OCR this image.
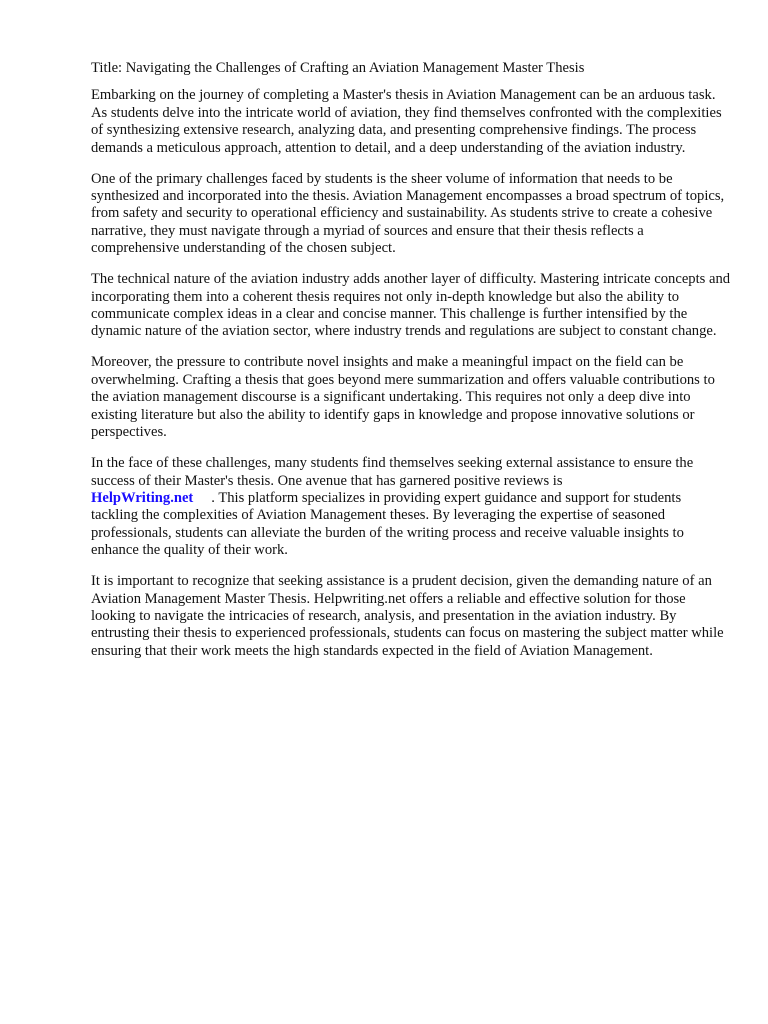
Title: Navigating the Challenges of Crafting an Aviation Management Master Thesis

Embarking on the journey of completing a Master's thesis in Aviation Management can be an arduous task. As students delve into the intricate world of aviation, they find themselves confronted with the complexities of synthesizing extensive research, analyzing data, and presenting comprehensive findings. The process demands a meticulous approach, attention to detail, and a deep understanding of the aviation industry.

One of the primary challenges faced by students is the sheer volume of information that needs to be synthesized and incorporated into the thesis. Aviation Management encompasses a broad spectrum of topics, from safety and security to operational efficiency and sustainability. As students strive to create a cohesive narrative, they must navigate through a myriad of sources and ensure that their thesis reflects a comprehensive understanding of the chosen subject.

The technical nature of the aviation industry adds another layer of difficulty. Mastering intricate concepts and incorporating them into a coherent thesis requires not only in-depth knowledge but also the ability to communicate complex ideas in a clear and concise manner. This challenge is further intensified by the dynamic nature of the aviation sector, where industry trends and regulations are subject to constant change.

Moreover, the pressure to contribute novel insights and make a meaningful impact on the field can be overwhelming. Crafting a thesis that goes beyond mere summarization and offers valuable contributions to the aviation management discourse is a significant undertaking. This requires not only a deep dive into existing literature but also the ability to identify gaps in knowledge and propose innovative solutions or perspectives.

In the face of these challenges, many students find themselves seeking external assistance to ensure the success of their Master's thesis. One avenue that has garnered positive reviews is
HelpWriting.net . This platform specializes in providing expert guidance and support for students tackling the complexities of Aviation Management theses. By leveraging the expertise of seasoned professionals, students can alleviate the burden of the writing process and receive valuable insights to enhance the quality of their work.

It is important to recognize that seeking assistance is a prudent decision, given the demanding nature of an Aviation Management Master Thesis. Helpwriting.net offers a reliable and effective solution for those looking to navigate the intricacies of research, analysis, and presentation in the aviation industry. By entrusting their thesis to experienced professionals, students can focus on mastering the subject matter while ensuring that their work meets the high standards expected in the field of Aviation Management.
